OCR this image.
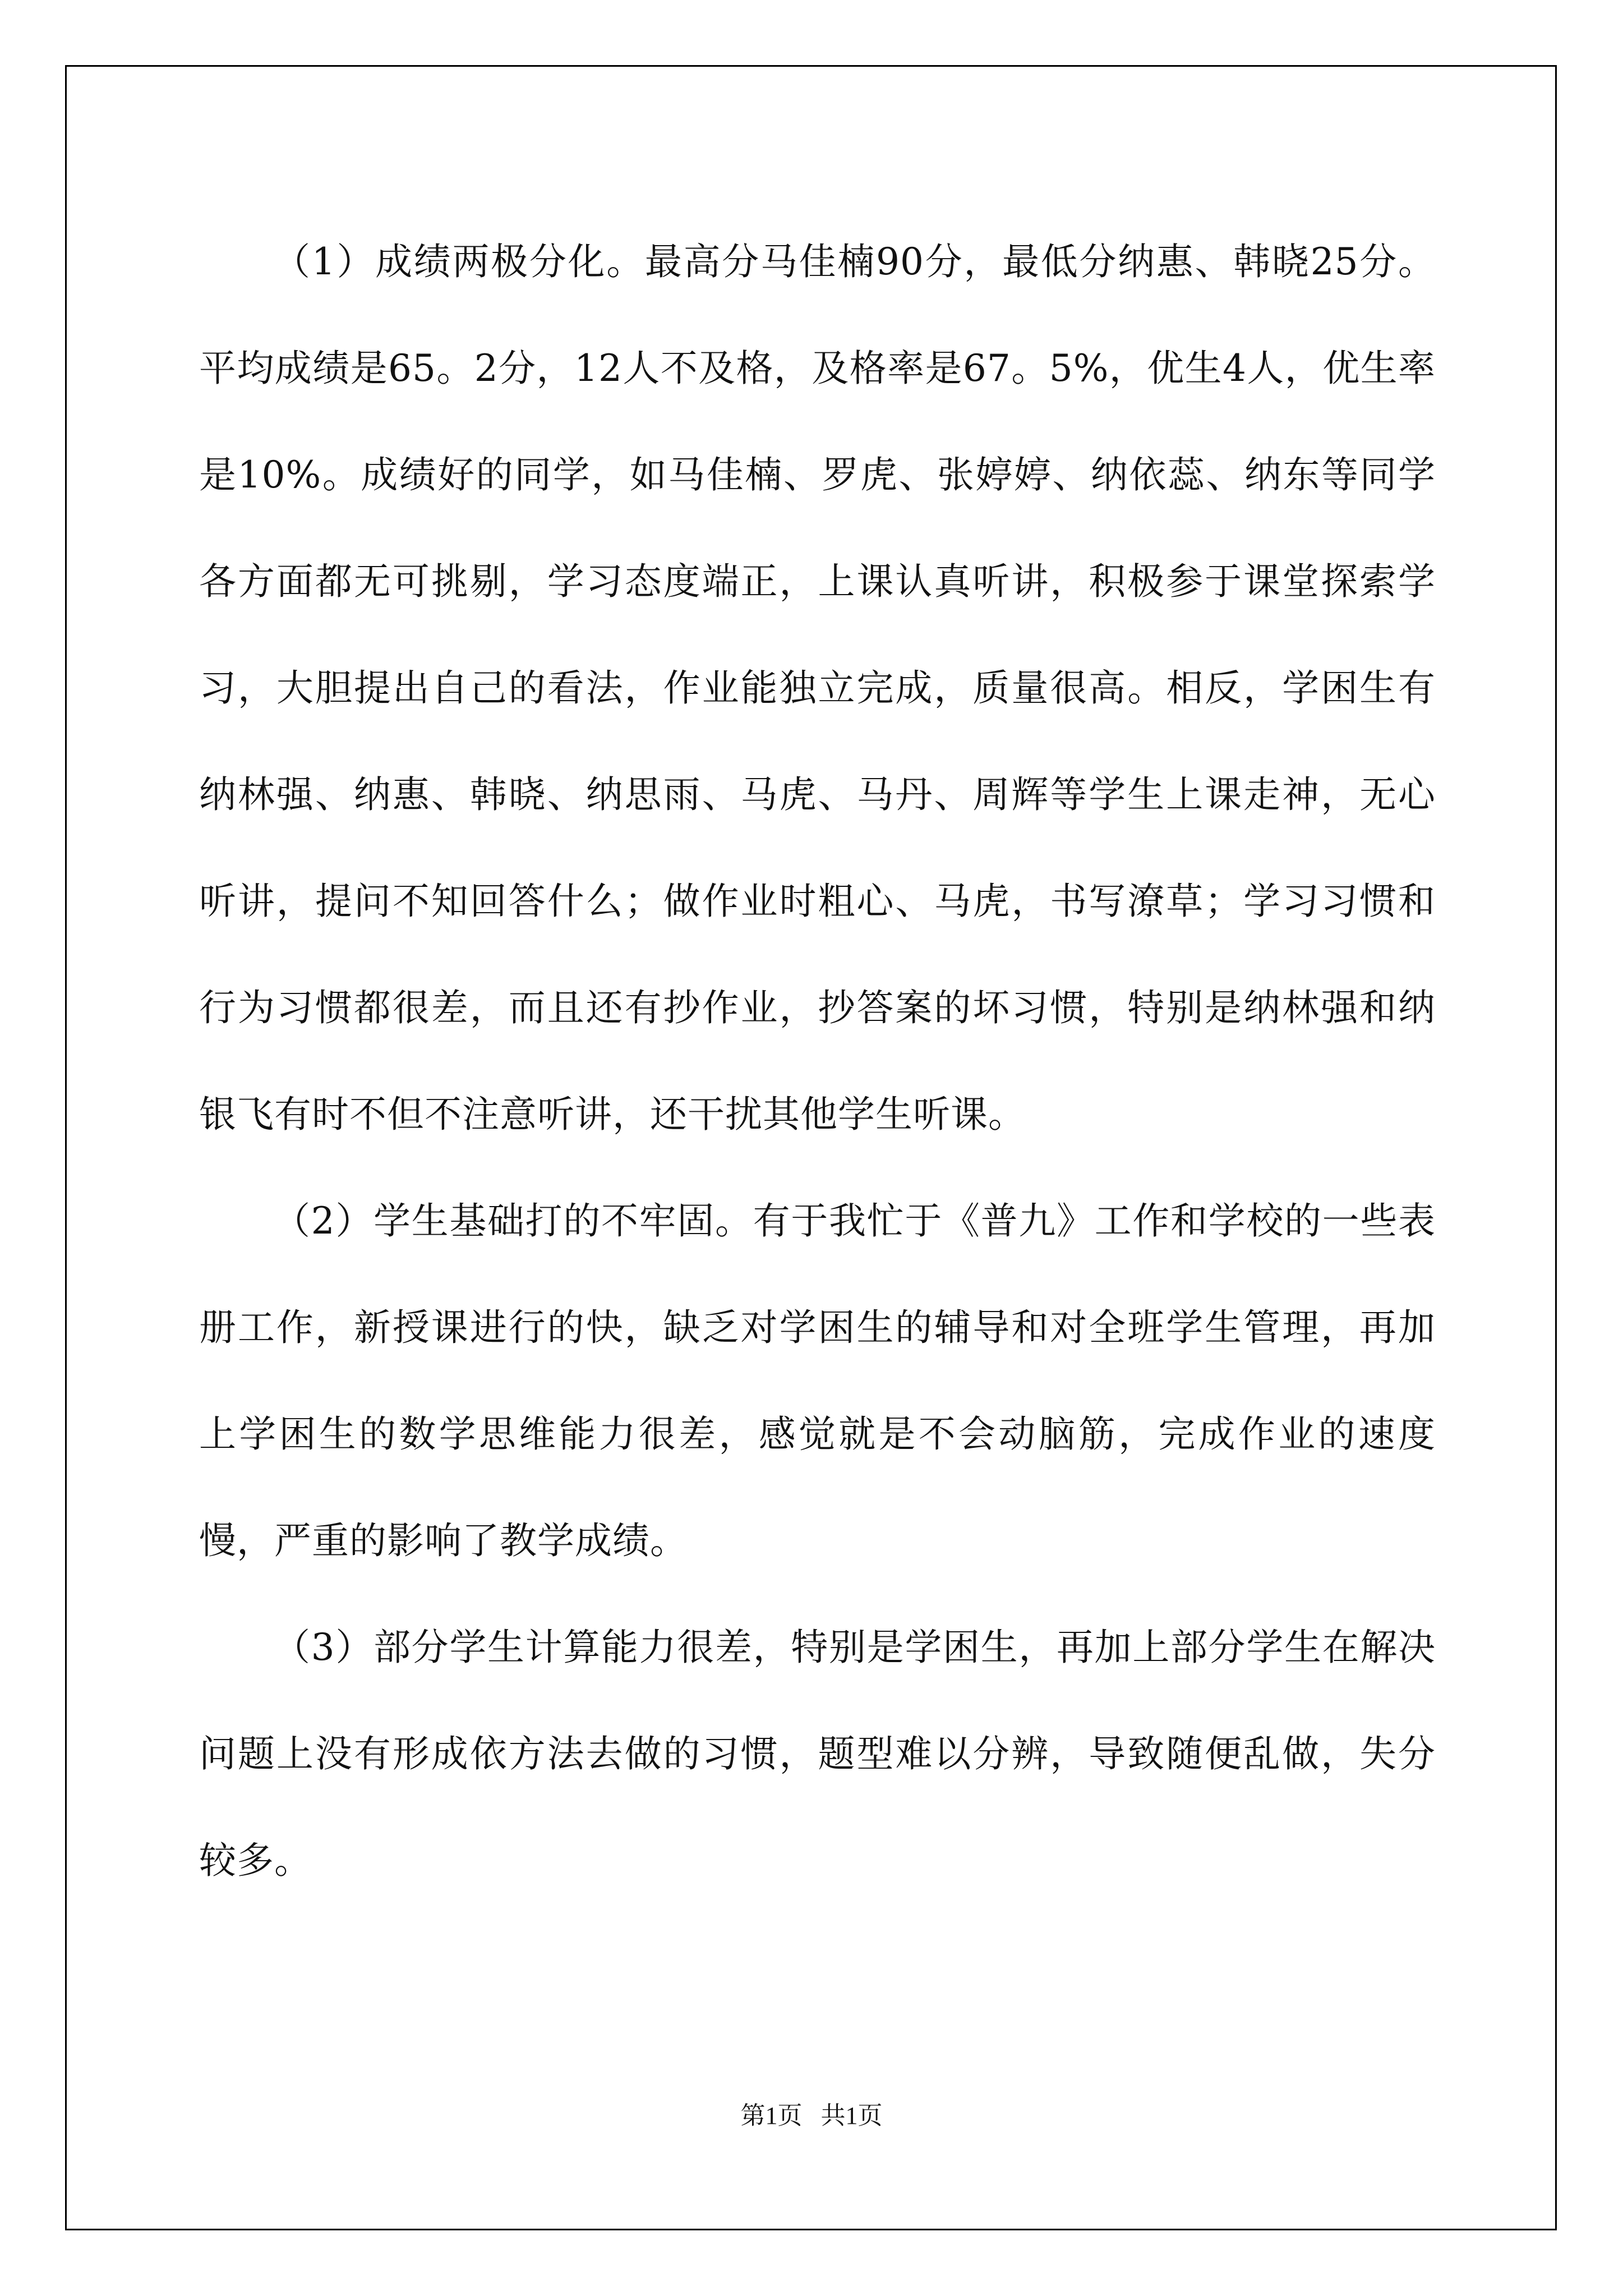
（1）成绩两极分化。最高分马佳楠90分，最低分纳惠、韩晓25分。平均成绩是65。2分，12人不及格，及格率是67。5%，优生4人，优生率是10%。成绩好的同学，如马佳楠、罗虎、张婷婷、纳依蕊、纳东等同学各方面都无可挑剔，学习态度端正，上课认真听讲，积极参于课堂探索学习，大胆提出自己的看法，作业能独立完成，质量很高。相反，学困生有纳林强、纳惠、韩晓、纳思雨、马虎、马丹、周辉等学生上课走神，无心听讲，提问不知回答什么；做作业时粗心、马虎，书写潦草；学习习惯和行为习惯都很差，而且还有抄作业，抄答案的坏习惯，特别是纳林强和纳银飞有时不但不注意听讲，还干扰其他学生听课。

（2）学生基础打的不牢固。有于我忙于《普九》工作和学校的一些表册工作，新授课进行的快，缺乏对学困生的辅导和对全班学生管理，再加上学困生的数学思维能力很差，感觉就是不会动脑筋，完成作业的速度慢，严重的影响了教学成绩。

（3）部分学生计算能力很差，特别是学困生，再加上部分学生在解决问题上没有形成依方法去做的习惯，题型难以分辨，导致随便乱做，失分较多。

第1页   共1页
